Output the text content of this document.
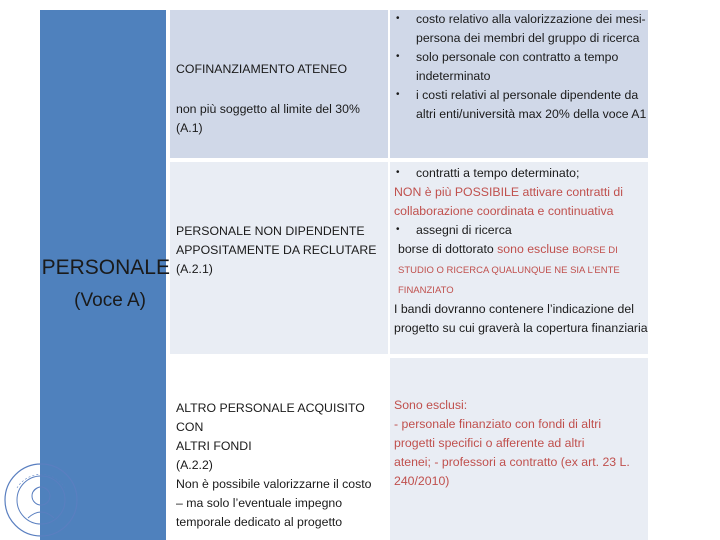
COFINANZIAMENTO ATENEO
non più soggetto al limite del 30% (A.1)
• costo relativo alla valorizzazione dei mesi-persona dei membri del gruppo di ricerca
• solo personale con contratto a tempo indeterminato
• i costi relativi al personale dipendente da altri enti/università max 20% della voce A1
PERSONALE NON DIPENDENTE APPOSITAMENTE DA RECLUTARE (A.2.1)
• contratti a tempo determinato;
NON è più POSSIBILE attivare contratti di collaborazione coordinata e continuativa
• assegni di ricerca
borse di dottorato sono escluse BORSE DI STUDIO O RICERCA QUALUNQUE NE SIA L’ENTE FINANZIATO
I bandi dovranno contenere l’indicazione del progetto su cui graverà la copertura finanziaria
ALTRO PERSONALE ACQUISITO CON
ALTRI FONDI
(A.2.2)
Non è possibile valorizzarne il costo
– ma solo l’eventuale impegno
temporale dedicato al progetto
Sono esclusi:
- personale finanziato con fondi di altri
progetti specifici o afferente ad altri
atenei; - professori a contratto (ex art. 23 L.
240/2010)
PERSONALE
(Voce A)
